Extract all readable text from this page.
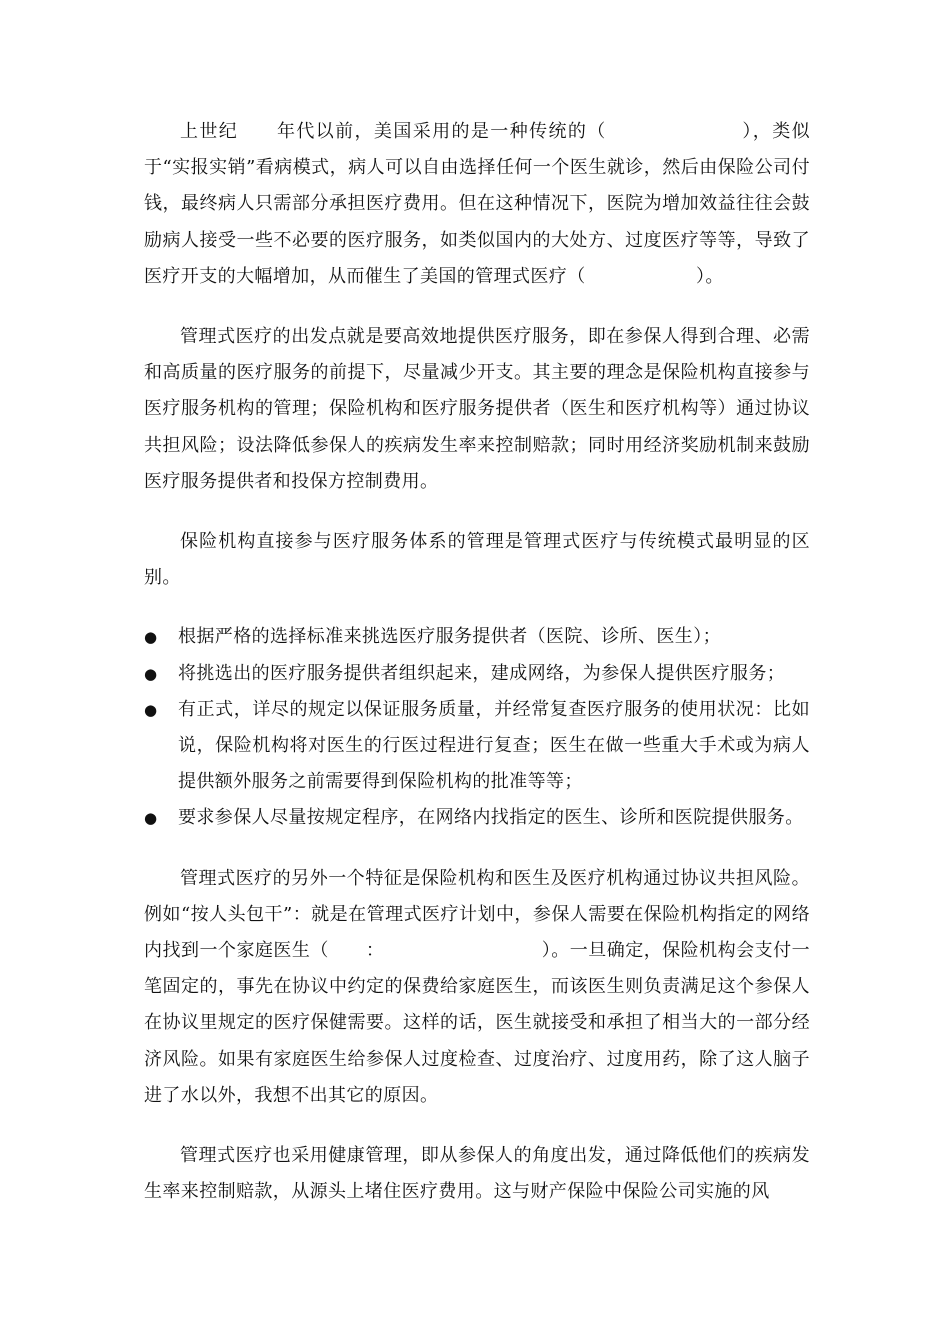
上世纪　　年代以前，美国采用的是一种传统的（　　　　　　　），类似于“实报实销”看病模式，病人可以自由选择任何一个医生就诊，然后由保险公司付钱，最终病人只需部分承担医疗费用。但在这种情况下，医院为增加效益往往会鼓励病人接受一些不必要的医疗服务，如类似国内的大处方、过度医疗等等，导致了医疗开支的大幅增加，从而催生了美国的管理式医疗（　　　　　　）。

管理式医疗的出发点就是要高效地提供医疗服务，即在参保人得到合理、必需和高质量的医疗服务的前提下，尽量减少开支。其主要的理念是保险机构直接参与医疗服务机构的管理；保险机构和医疗服务提供者（医生和医疗机构等）通过协议共担风险；设法降低参保人的疾病发生率来控制赔款；同时用经济奖励机制来鼓励医疗服务提供者和投保方控制费用。

保险机构直接参与医疗服务体系的管理是管理式医疗与传统模式最明显的区别。

● 根据严格的选择标准来挑选医疗服务提供者（医院、诊所、医生）；
● 将挑选出的医疗服务提供者组织起来，建成网络，为参保人提供医疗服务；
● 有正式，详尽的规定以保证服务质量，并经常复查医疗服务的使用状况：比如说，保险机构将对医生的行医过程进行复查；医生在做一些重大手术或为病人提供额外服务之前需要得到保险机构的批准等等；
● 要求参保人尽量按规定程序，在网络内找指定的医生、诊所和医院提供服务。

管理式医疗的另外一个特征是保险机构和医生及医疗机构通过协议共担风险。例如“按人头包干”：就是在管理式医疗计划中，参保人需要在保险机构指定的网络内找到一个家庭医生（　　：　　　　　　　　　）。一旦确定，保险机构会支付一笔固定的，事先在协议中约定的保费给家庭医生，而该医生则负责满足这个参保人在协议里规定的医疗保健需要。这样的话，医生就接受和承担了相当大的一部分经济风险。如果有家庭医生给参保人过度检查、过度治疗、过度用药，除了这人脑子进了水以外，我想不出其它的原因。

管理式医疗也采用健康管理，即从参保人的角度出发，通过降低他们的疾病发生率来控制赔款，从源头上堵住医疗费用。这与财产保险中保险公司实施的风
